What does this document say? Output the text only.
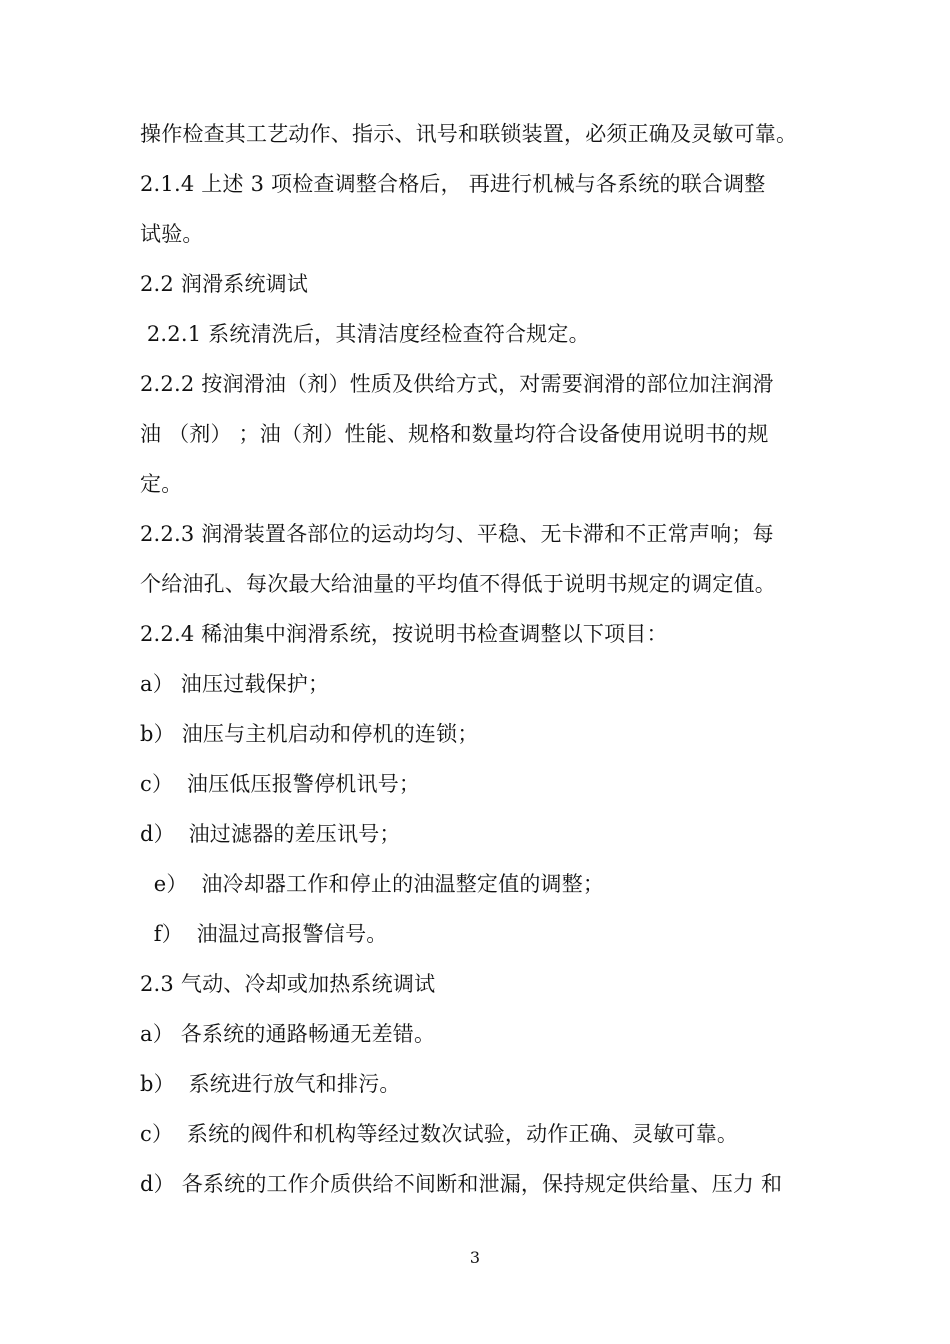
操作检查其工艺动作、指示、讯号和联锁装置，必须正确及灵敏可靠。
2.1.4 上述 3 项检查调整合格后， 再进行机械与各系统的联合调整
试验。
2.2 润滑系统调试
2.2.1 系统清洗后，其清洁度经检查符合规定。
2.2.2 按润滑油（剂）性质及供给方式，对需要润滑的部位加注润滑
油 （剂） ；油（剂）性能、规格和数量均符合设备使用说明书的规
定。
2.2.3 润滑装置各部位的运动均匀、平稳、无卡滞和不正常声响；每
个给油孔、每次最大给油量的平均值不得低于说明书规定的调定值。
2.2.4 稀油集中润滑系统，按说明书检查调整以下项目：
a） 油压过载保护；
b） 油压与主机启动和停机的连锁；
c）  油压低压报警停机讯号；
d）  油过滤器的差压讯号；
e）  油冷却器工作和停止的油温整定值的调整；
f）  油温过高报警信号。
2.3 气动、冷却或加热系统调试
a） 各系统的通路畅通无差错。
b）  系统进行放气和排污。
c）  系统的阀件和机构等经过数次试验，动作正确、灵敏可靠。
d） 各系统的工作介质供给不间断和泄漏，保持规定供给量、压力 和
3
